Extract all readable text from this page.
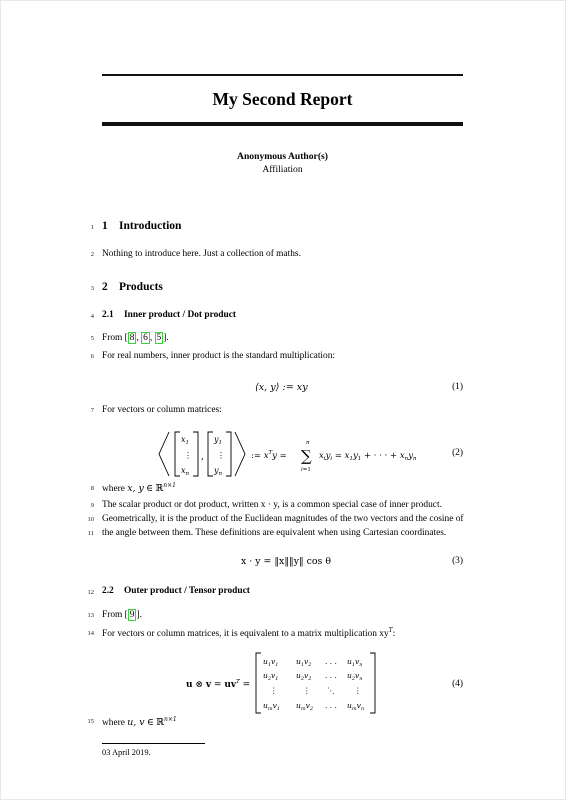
My Second Report
Anonymous Author(s)
Affiliation
1
2
3
4
5
6
7
8
9
10
11
12
13
14
15
1 Introduction
Nothing to introduce here. Just a collection of maths.
2 Products
2.1 Inner product / Dot product
From [ 8 , 6 , 5 ].
For real numbers, inner product is the standard multiplication:
⟨x, y⟩ := xy	(1)
For vectors or column matrices:
$x_1$
⋮
$x_n$
,
$y_1$
⋮
$y_n$
:= $x^Ty$ =
n
∑
i=1
$x_iy_i = x_1y_1$ + · · · + $x_ny_n$
(2)
where x, y ∈ ℝ$^{n\times 1}$
The scalar product or dot product, written x · y, is a common special case of inner product.
Geometrically, it is the product of the Euclidean magnitudes of the two vectors and the cosine of
the angle between them. These definitions are equivalent when using Cartesian coordinates.
x · y = ‖x‖‖y‖ cos θ	(3)
2.2 Outer product / Tensor product
From [ 9 ].
For vectors or column matrices, it is equivalent to a matrix multiplication $xy^T$:
u ⊗ $v = uv^T$ =
$u_1v_1$ $u_1v_2$ . . . $u_1v_n$
$u_2v_1$ $u_2v_2$ . . . $u_2v_n$
⋮	⋮ ⋱	⋮
$u_mv_1$ $u_mv_2$ . . . $u_mv_n$
(4)
where u, v ∈ ℝ$^{n\times 1}$
03 April 2019.
